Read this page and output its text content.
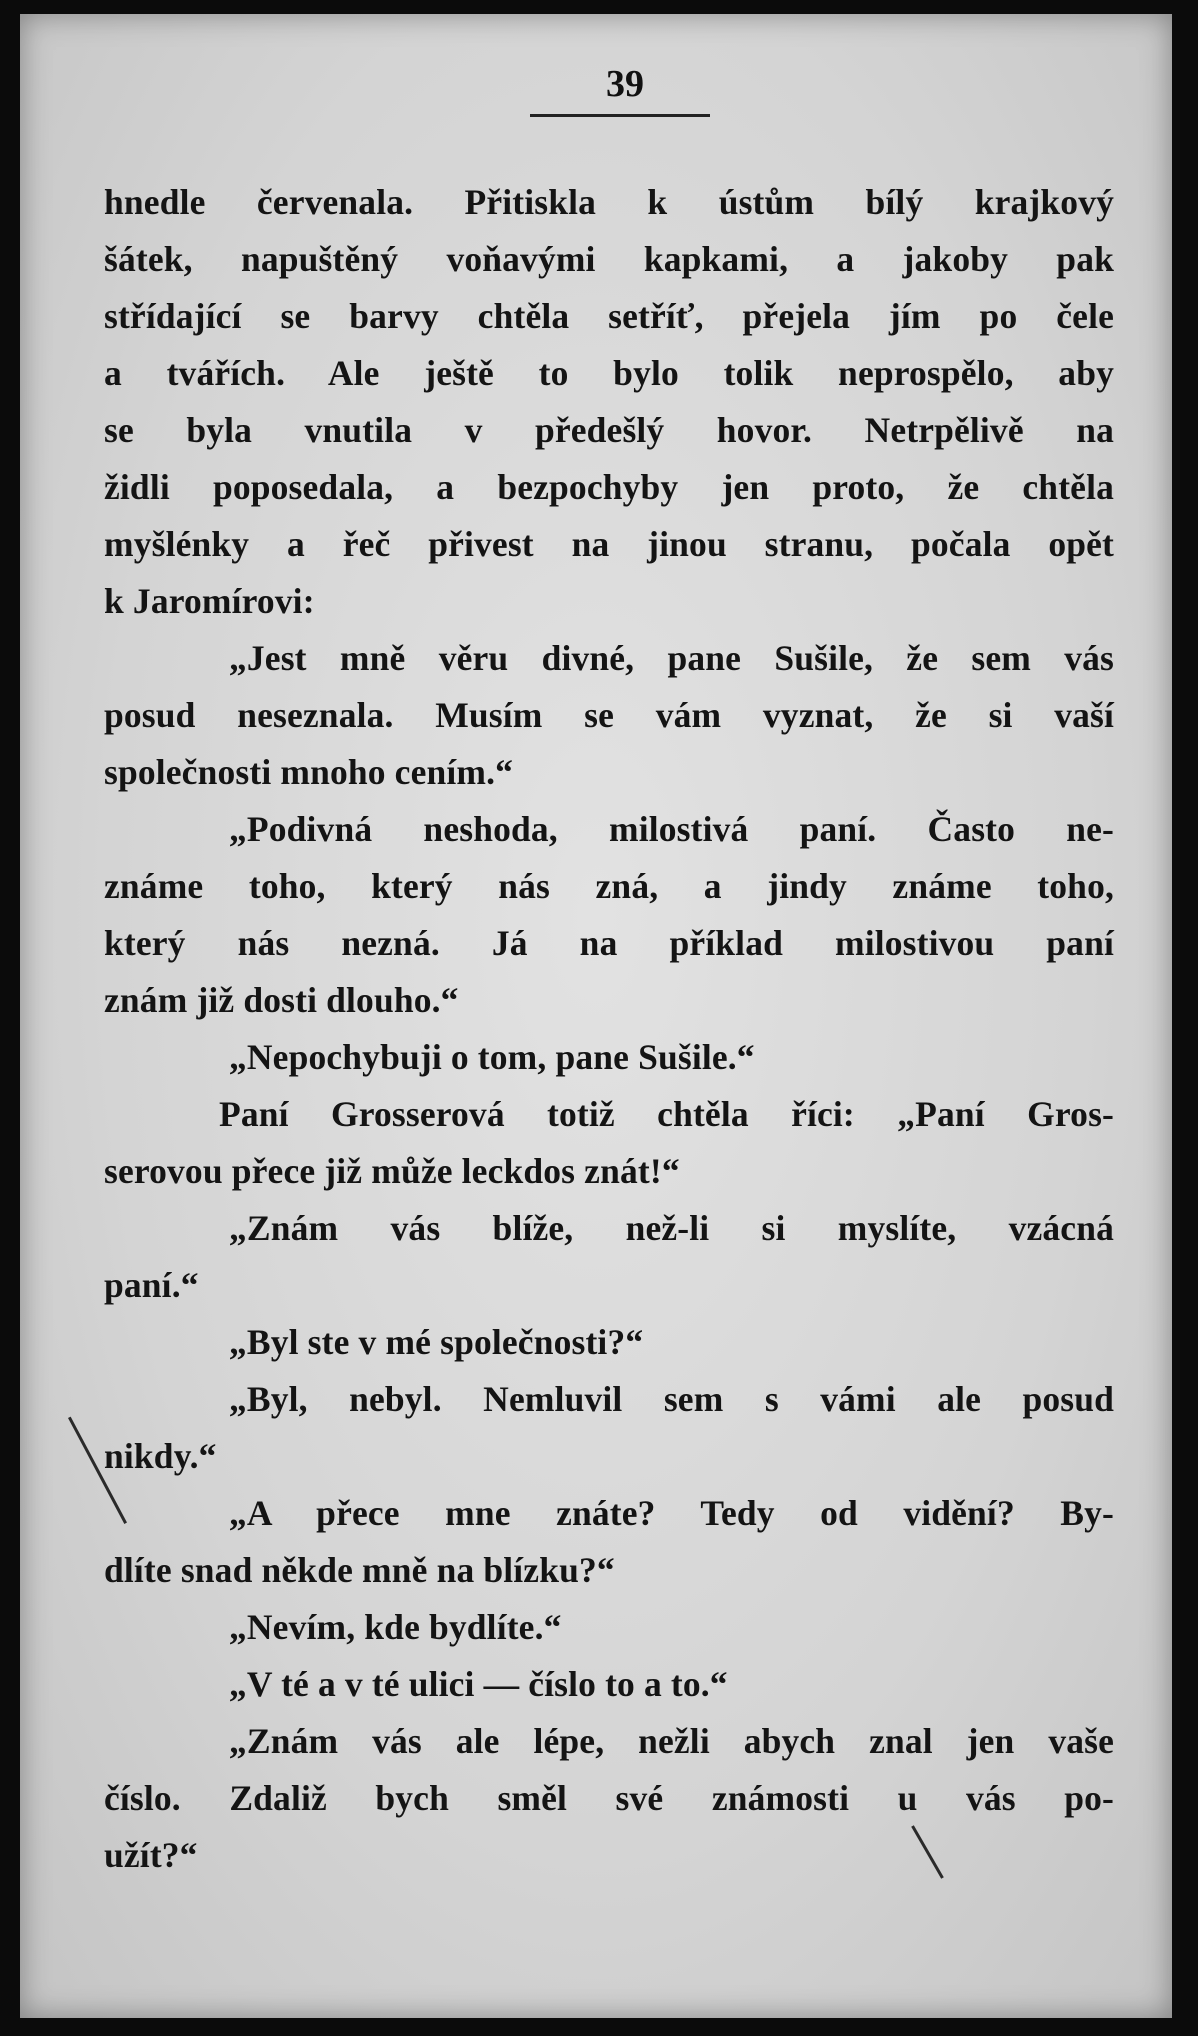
39
hnedle červenala. Přitiskla k ústům bílý krajkový
šátek, napuštěný voňavými kapkami, a jakoby pak
střídající se barvy chtěla setříť, přejela jím po čele
a tvářích. Ale ještě to bylo tolik neprospělo, aby
se byla vnutila v předešlý hovor. Netrpělivě na
židli poposedala, a bezpochyby jen proto, že chtěla
myšlénky a řeč přivest na jinou stranu, počala opět
k Jaromírovi:
„Jest mně věru divné, pane Sušile, že sem vás
posud neseznala. Musím se vám vyznat, že si vaší
společnosti mnoho cením.“
„Podivná neshoda, milostivá paní. Často ne-
známe toho, který nás zná, a jindy známe toho,
který nás nezná. Já na příklad milostivou paní
znám již dosti dlouho.“
„Nepochybuji o tom, pane Sušile.“
Paní Grosserová totiž chtěla říci: „Paní Gros-
serovou přece již může leckdos znát!“
„Znám vás blíže, než-li si myslíte, vzácná
paní.“
„Byl ste v mé společnosti?“
„Byl, nebyl. Nemluvil sem s vámi ale posud
nikdy.“
„A přece mne znáte? Tedy od vidění? By-
dlíte snad někde mně na blízku?“
„Nevím, kde bydlíte.“
„V té a v té ulici — číslo to a to.“
„Znám vás ale lépe, nežli abych znal jen vaše
číslo. Zdaliž bych směl své známosti u vás po-
užít?“
